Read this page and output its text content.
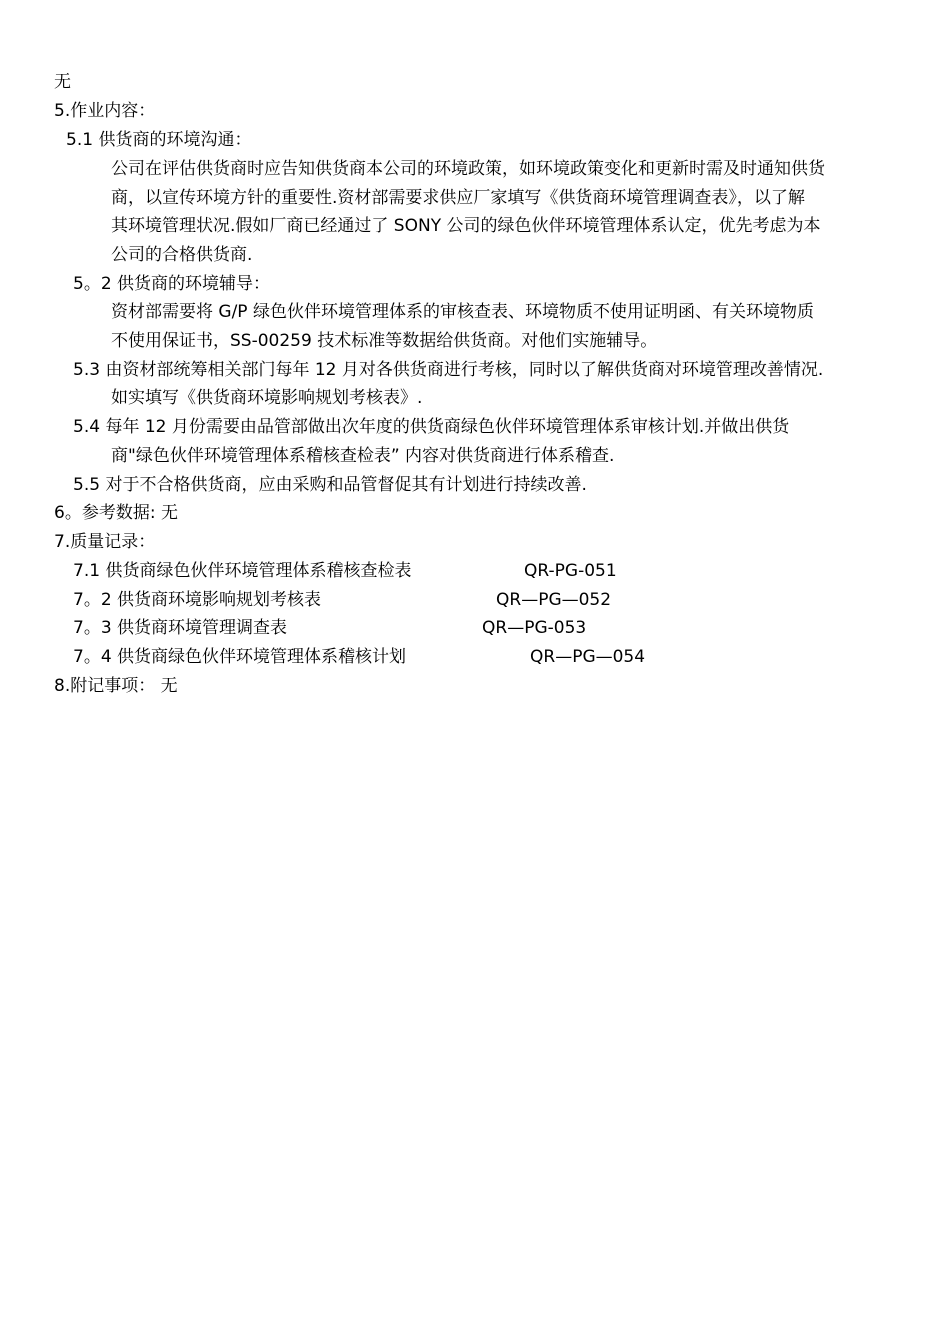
无
5.作业内容：
5.1 供货商的环境沟通：
公司在评估供货商时应告知供货商本公司的环境政策，如环境政策变化和更新时需及时通知供货
商，以宣传环境方针的重要性.资材部需要求供应厂家填写《供货商环境管理调查表》，以了解
其环境管理状况.假如厂商已经通过了 SONY 公司的绿色伙伴环境管理体系认定，优先考虑为本
公司的合格供货商.
5。2 供货商的环境辅导：
资材部需要将 G/P 绿色伙伴环境管理体系的审核查表、环境物质不使用证明函、有关环境物质
不使用保证书，SS-00259 技术标准等数据给供货商。对他们实施辅导。
5.3 由资材部统筹相关部门每年 12 月对各供货商进行考核，同时以了解供货商对环境管理改善情况.
如实填写《供货商环境影响规划考核表》.
5.4 每年 12 月份需要由品管部做出次年度的供货商绿色伙伴环境管理体系审核计划.并做出供货
商"绿色伙伴环境管理体系稽核查检表” 内容对供货商进行体系稽查.
5.5 对于不合格供货商，应由采购和品管督促其有计划进行持续改善.
6。参考数据: 无
7.质量记录：
7.1 供货商绿色伙伴环境管理体系稽核查检表	QR-PG-051
7。2 供货商环境影响规划考核表	QR—PG—052
7。3 供货商环境管理调查表	QR—PG-053
7。4 供货商绿色伙伴环境管理体系稽核计划	QR—PG—054
8.附记事项： 无
